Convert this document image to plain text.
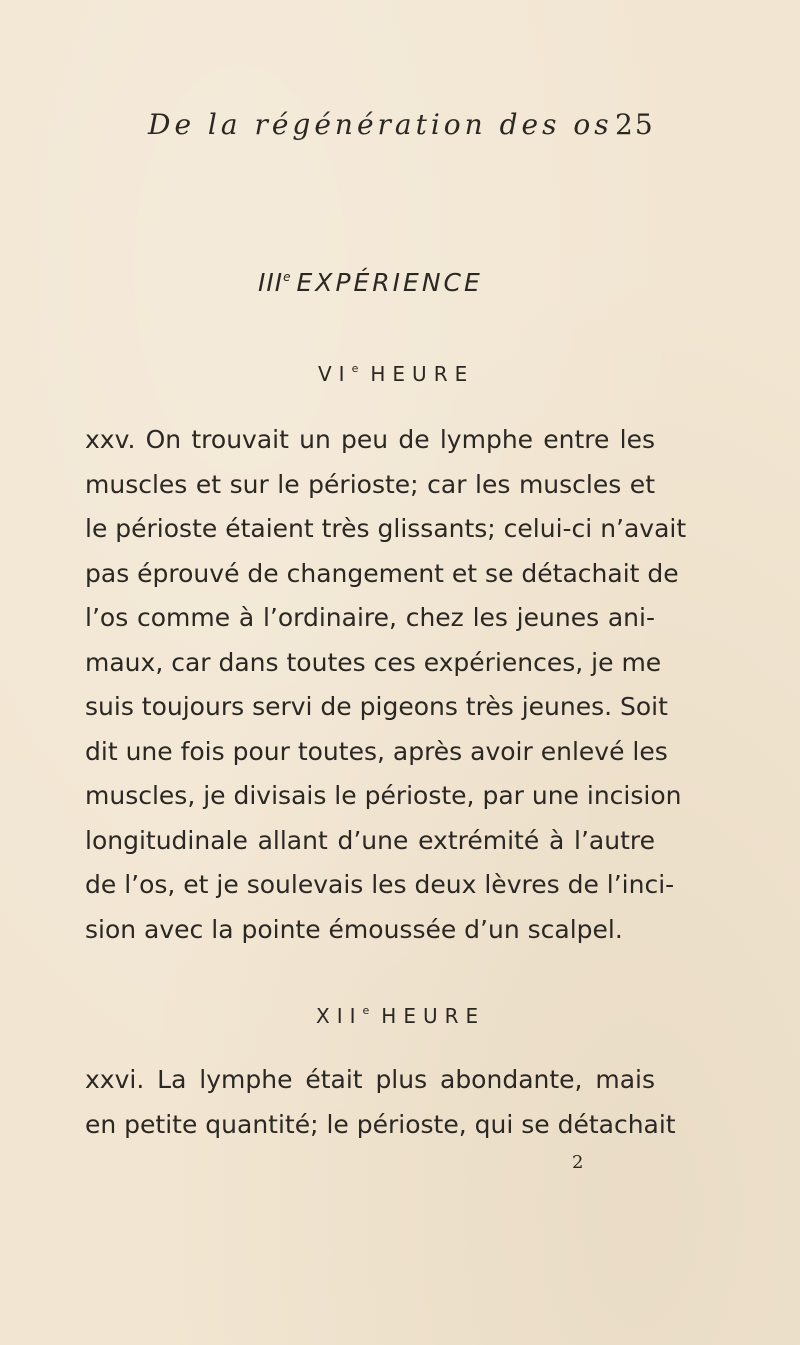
De la régénération des os 25
IIIe EXPÉRIENCE
VIe HEURE
xxv. On trouvait un peu de lymphe entre les
muscles et sur le périoste; car les muscles et
le périoste étaient très glissants; celui-ci n’avait
pas éprouvé de changement et se détachait de
l’os comme à l’ordinaire, chez les jeunes ani-
maux, car dans toutes ces expériences, je me
suis toujours servi de pigeons très jeunes. Soit
dit une fois pour toutes, après avoir enlevé les
muscles, je divisais le périoste, par une incision
longitudinale allant d’une extrémité à l’autre
de l’os, et je soulevais les deux lèvres de l’inci-
sion avec la pointe émoussée d’un scalpel.
XIIe HEURE
xxvi. La lymphe était plus abondante, mais
en petite quantité; le périoste, qui se détachait
2
